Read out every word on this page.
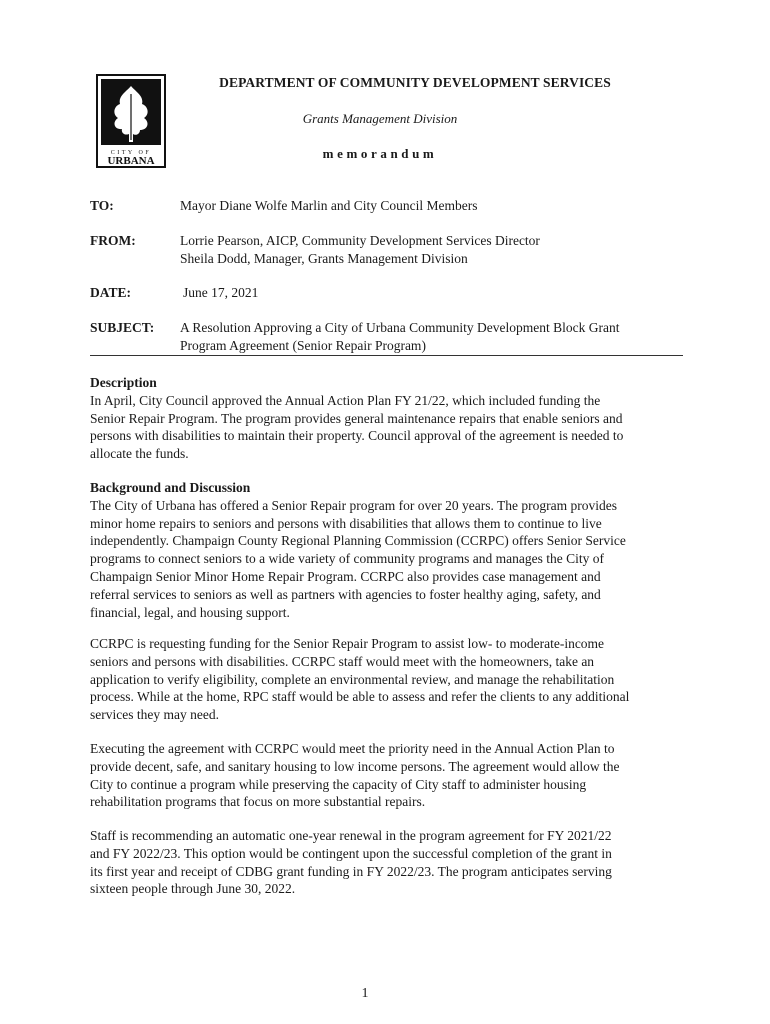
CITY OF
URBANA
DEPARTMENT OF COMMUNITY DEVELOPMENT SERVICES
Grants Management Division
memorandum
TO:	Mayor Diane Wolfe Marlin and City Council Members
FROM:	Lorrie Pearson, AICP, Community Development Services Director
Sheila Dodd, Manager, Grants Management Division
DATE:	June 17, 2021
SUBJECT: A Resolution Approving a City of Urbana Community Development Block Grant
Program Agreement (Senior Repair Program)
Description
In April, City Council approved the Annual Action Plan FY 21/22, which included funding the
Senior Repair Program. The program provides general maintenance repairs that enable seniors and
persons with disabilities to maintain their property. Council approval of the agreement is needed to
allocate the funds.
Background and Discussion
The City of Urbana has offered a Senior Repair program for over 20 years. The program provides
minor home repairs to seniors and persons with disabilities that allows them to continue to live
independently. Champaign County Regional Planning Commission (CCRPC) offers Senior Service
programs to connect seniors to a wide variety of community programs and manages the City of
Champaign Senior Minor Home Repair Program. CCRPC also provides case management and
referral services to seniors as well as partners with agencies to foster healthy aging, safety, and
financial, legal, and housing support.
CCRPC is requesting funding for the Senior Repair Program to assist low- to moderate-income
seniors and persons with disabilities. CCRPC staff would meet with the homeowners, take an
application to verify eligibility, complete an environmental review, and manage the rehabilitation
process. While at the home, RPC staff would be able to assess and refer the clients to any additional
services they may need.
Executing the agreement with CCRPC would meet the priority need in the Annual Action Plan to
provide decent, safe, and sanitary housing to low income persons. The agreement would allow the
City to continue a program while preserving the capacity of City staff to administer housing
rehabilitation programs that focus on more substantial repairs.
Staff is recommending an automatic one-year renewal in the program agreement for FY 2021/22
and FY 2022/23. This option would be contingent upon the successful completion of the grant in
its first year and receipt of CDBG grant funding in FY 2022/23. The program anticipates serving
sixteen people through June 30, 2022.
1
